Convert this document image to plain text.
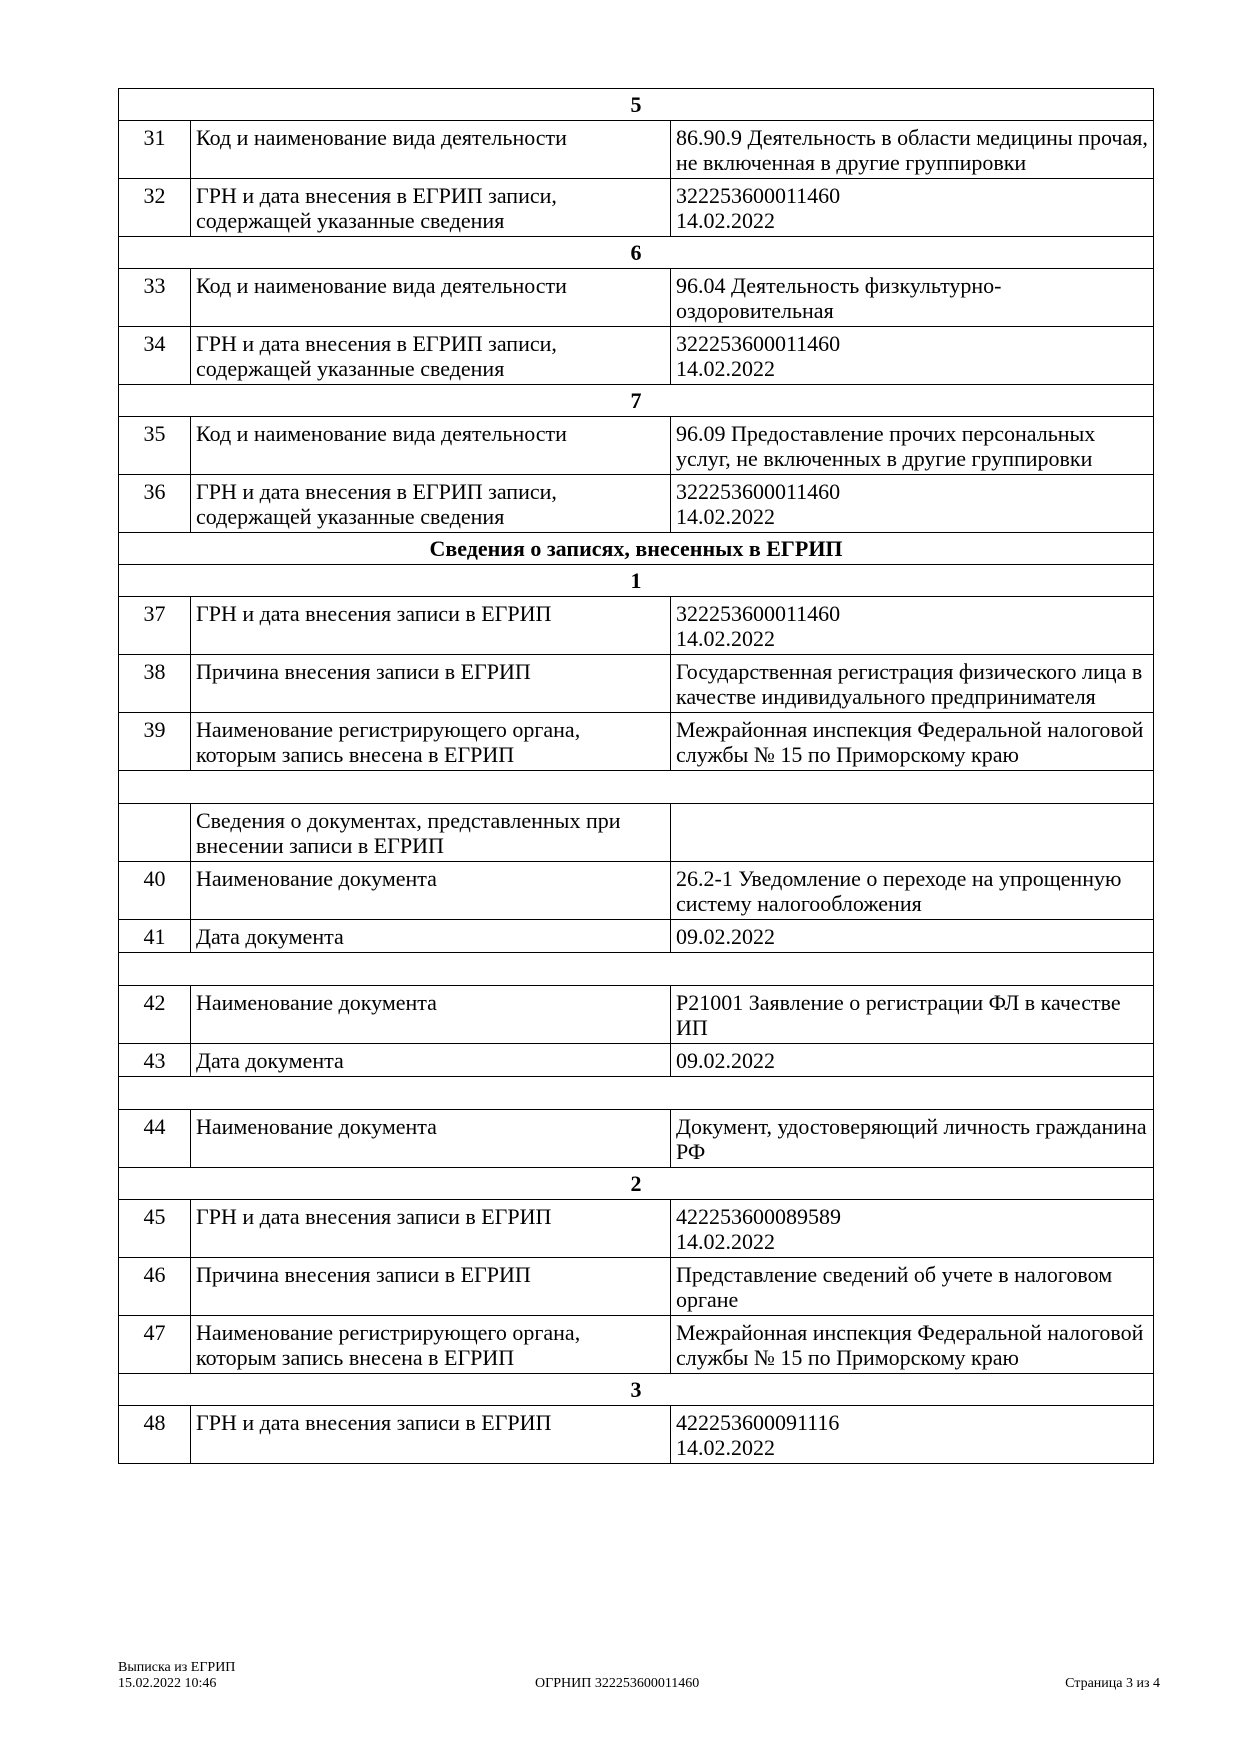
5		
31	Код и наименование вида деятельности	86.90.9 Деятельность в области медицины прочая, не включенная в другие группировки

32	ГРН и дата внесения в ЕГРИП записи, содержащей указанные сведения	322253600011460
14.02.2022

6		
33	Код и наименование вида деятельности	96.04 Деятельность физкультурно-оздоровительная

34	ГРН и дата внесения в ЕГРИП записи, содержащей указанные сведения	322253600011460
14.02.2022

7		
35	Код и наименование вида деятельности	96.09 Предоставление прочих персональных услуг, не включенных в другие группировки

36	ГРН и дата внесения в ЕГРИП записи, содержащей указанные сведения	322253600011460
14.02.2022

Сведения о записях, внесенных в ЕГРИП		
1		
37	ГРН и дата внесения записи в ЕГРИП	322253600011460
14.02.2022

38	Причина внесения записи в ЕГРИП	Государственная регистрация физического лица в качестве индивидуального предпринимателя

39	Наименование регистрирующего органа, которым запись внесена в ЕГРИП	Межрайонная инспекция Федеральной налоговой службы № 15 по Приморскому краю

	Сведения о документах, представленных при внесении записи в ЕГРИП	

40	Наименование документа	26.2-1 Уведомление о переходе на упрощенную систему налогообложения

41	Дата документа	09.02.2022

42	Наименование документа	Р21001 Заявление о регистрации ФЛ в качестве ИП

43	Дата документа	09.02.2022

44	Наименование документа	Документ, удостоверяющий личность гражданина РФ

2		
45	ГРН и дата внесения записи в ЕГРИП	422253600089589
14.02.2022

46	Причина внесения записи в ЕГРИП	Представление сведений об учете в налоговом органе

47	Наименование регистрирующего органа, которым запись внесена в ЕГРИП	Межрайонная инспекция Федеральной налоговой службы № 15 по Приморскому краю

3		
48	ГРН и дата внесения записи в ЕГРИП	422253600091116
14.02.2022
Выписка из ЕГРИП
15.02.2022 10:46	ОГРНИП 322253600011460	Страница 3 из 4
